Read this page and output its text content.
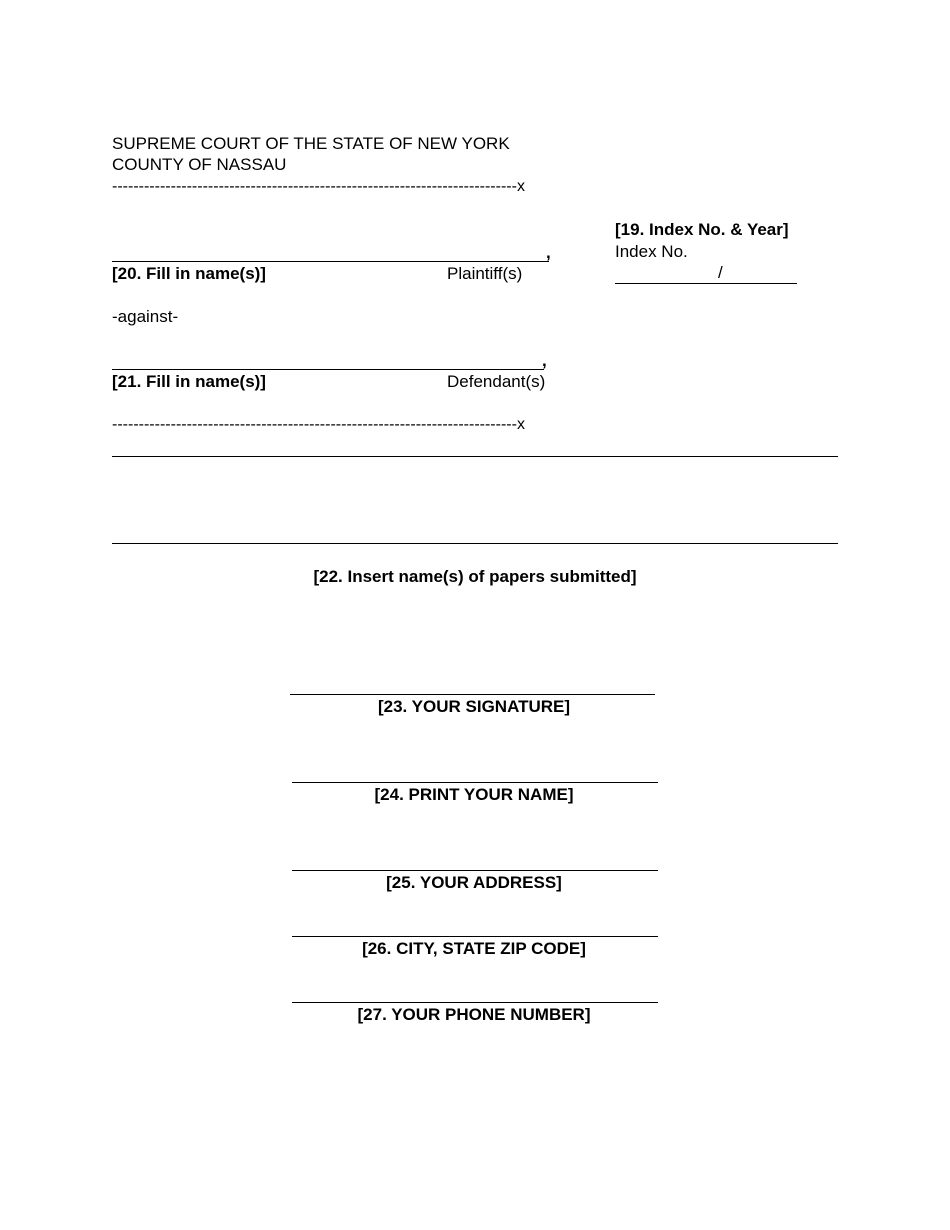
SUPREME COURT OF THE STATE OF NEW YORK
COUNTY OF NASSAU
----------------------------------------------------------------------------x
,
[20. Fill in name(s)]	Plaintiff(s)
[19. Index No. & Year]
Index No.
/
-against-
,
[21. Fill in name(s)]	Defendant(s)
----------------------------------------------------------------------------x
[22. Insert name(s) of papers submitted]
[23. YOUR SIGNATURE]
[24. PRINT YOUR NAME]
[25. YOUR ADDRESS]
[26. CITY, STATE ZIP CODE]
[27. YOUR PHONE NUMBER]
